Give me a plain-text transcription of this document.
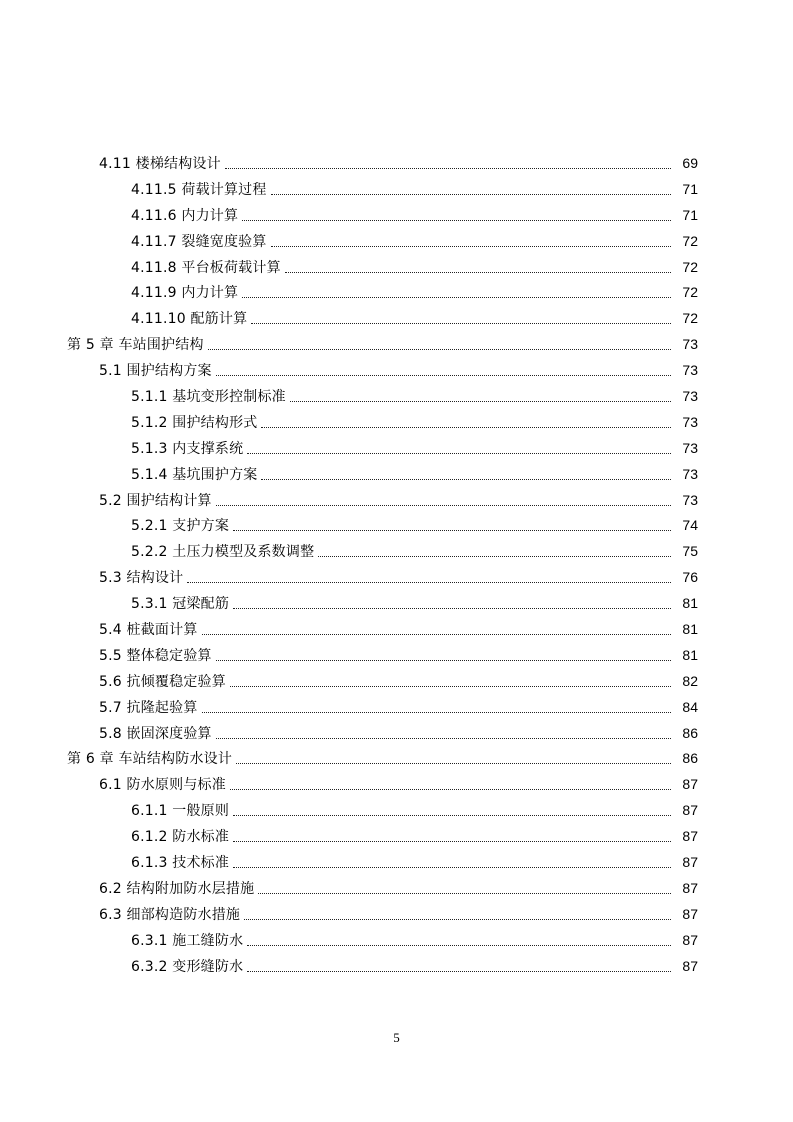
4.11 楼梯结构设计	69
4.11.5 荷载计算过程	71
4.11.6 内力计算	71
4.11.7 裂缝宽度验算	72
4.11.8 平台板荷载计算	72
4.11.9 内力计算	72
4.11.10 配筋计算	72
第 5 章 车站围护结构	73
5.1 围护结构方案	73
5.1.1 基坑变形控制标准	73
5.1.2 围护结构形式	73
5.1.3 内支撑系统	73
5.1.4 基坑围护方案	73
5.2 围护结构计算	73
5.2.1 支护方案	74
5.2.2 土压力模型及系数调整	75
5.3 结构设计	76
5.3.1 冠梁配筋	81
5.4 桩截面计算	81
5.5 整体稳定验算	81
5.6 抗倾覆稳定验算	82
5.7 抗隆起验算	84
5.8 嵌固深度验算	86
第 6 章 车站结构防水设计	86
6.1 防水原则与标准	87
6.1.1 一般原则	87
6.1.2 防水标准	87
6.1.3 技术标准	87
6.2 结构附加防水层措施	87
6.3 细部构造防水措施	87
6.3.1 施工缝防水	87
6.3.2 变形缝防水	87
5
